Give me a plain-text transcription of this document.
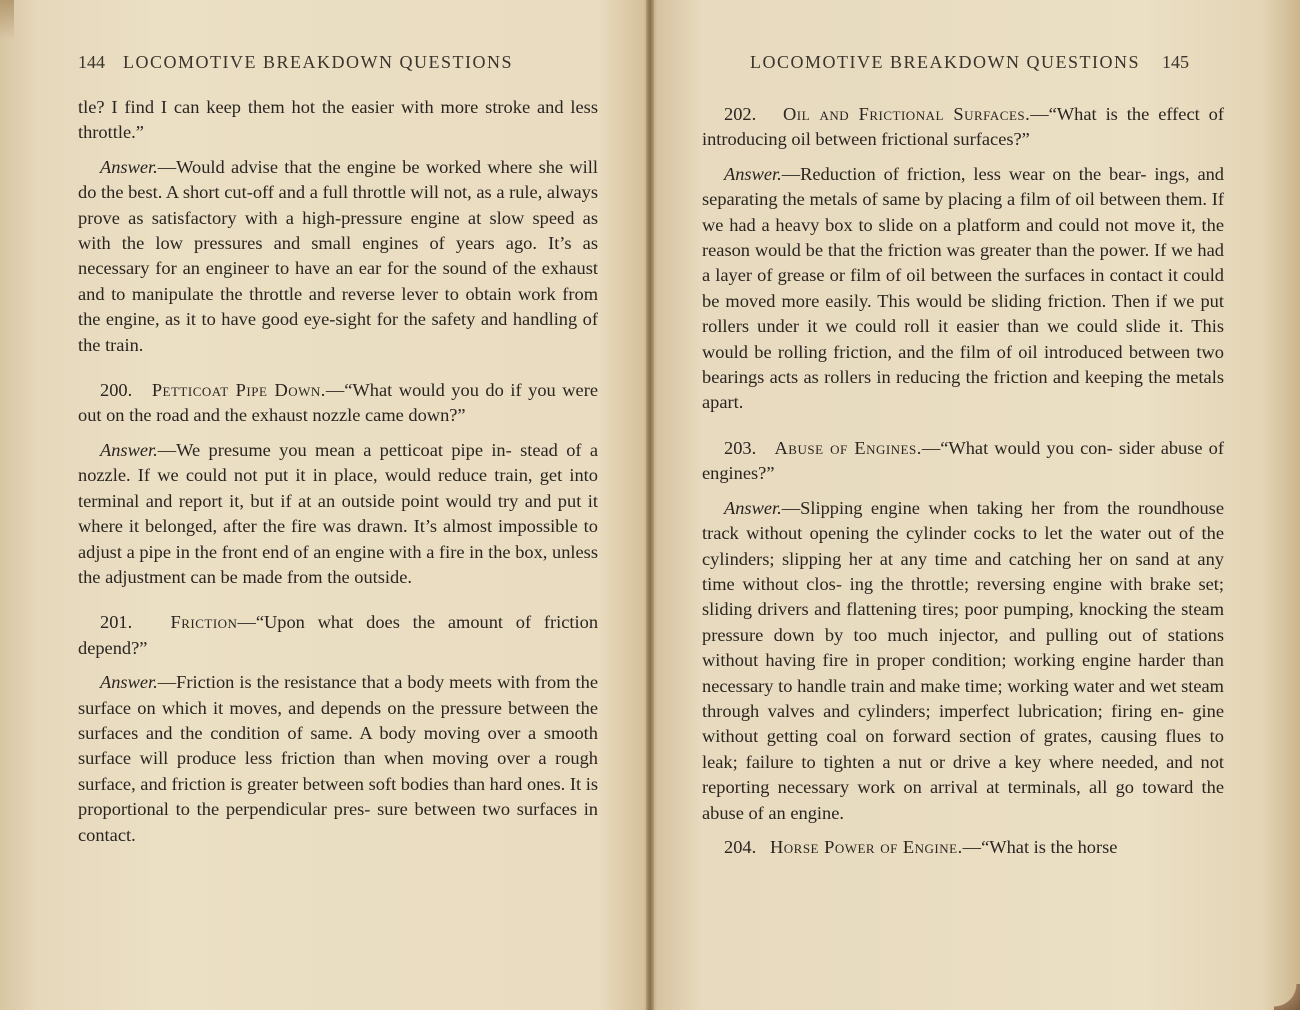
144 LOCOMOTIVE BREAKDOWN QUESTIONS

tle? I find I can keep them hot the easier with more stroke and less throttle.”

Answer.—Would advise that the engine be worked where she will do the best. A short cut-off and a full throttle will not, as a rule, always prove as satisfactory with a high-pressure engine at slow speed as with the low pressures and small engines of years ago. It’s as necessary for an engineer to have an ear for the sound of the exhaust and to manipulate the throttle and reverse lever to obtain work from the engine, as it to have good eye-sight for the safety and handling of the train.

200. Petticoat Pipe Down.—“What would you do if you were out on the road and the exhaust nozzle came down?”

Answer.—We presume you mean a petticoat pipe in- stead of a nozzle. If we could not put it in place, would reduce train, get into terminal and report it, but if at an outside point would try and put it where it belonged, after the fire was drawn. It’s almost impossible to adjust a pipe in the front end of an engine with a fire in the box, unless the adjustment can be made from the outside.

201. Friction—“Upon what does the amount of friction depend?”

Answer.—Friction is the resistance that a body meets with from the surface on which it moves, and depends on the pressure between the surfaces and the condition of same. A body moving over a smooth surface will produce less friction than when moving over a rough surface, and friction is greater between soft bodies than hard ones. It is proportional to the perpendicular pres- sure between two surfaces in contact.

LOCOMOTIVE BREAKDOWN QUESTIONS 145

202. Oil and Frictional Surfaces.—“What is the effect of introducing oil between frictional surfaces?”

Answer.—Reduction of friction, less wear on the bear- ings, and separating the metals of same by placing a film of oil between them. If we had a heavy box to slide on a platform and could not move it, the reason would be that the friction was greater than the power. If we had a layer of grease or film of oil between the surfaces in contact it could be moved more easily. This would be sliding friction. Then if we put rollers under it we could roll it easier than we could slide it. This would be rolling friction, and the film of oil introduced between two bearings acts as rollers in reducing the friction and keeping the metals apart.

203. Abuse of Engines.—“What would you con- sider abuse of engines?”

Answer.—Slipping engine when taking her from the roundhouse track without opening the cylinder cocks to let the water out of the cylinders; slipping her at any time and catching her on sand at any time without clos- ing the throttle; reversing engine with brake set; sliding drivers and flattening tires; poor pumping, knocking the steam pressure down by too much injector, and pulling out of stations without having fire in proper condition; working engine harder than necessary to handle train and make time; working water and wet steam through valves and cylinders; imperfect lubrication; firing en- gine without getting coal on forward section of grates, causing flues to leak; failure to tighten a nut or drive a key where needed, and not reporting necessary work on arrival at terminals, all go toward the abuse of an engine.

204. Horse Power of Engine.—“What is the horse
